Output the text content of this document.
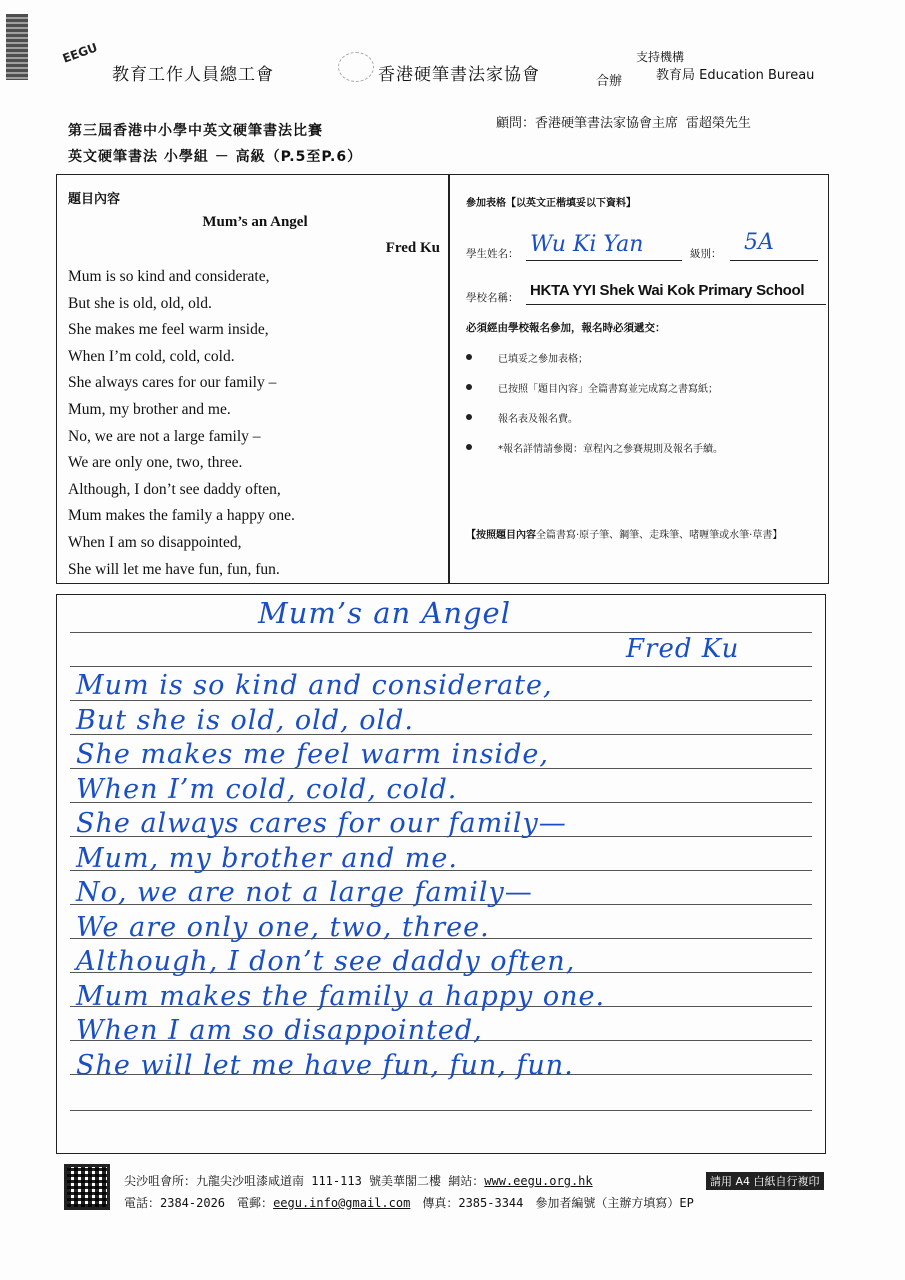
EEGU
教育工作人員總工會	香港硬筆書法家協會
支持機構
合辦	教育局 Education Bureau
第三屆香港中小學中英文硬筆書法比賽
英文硬筆書法 小學組 － 高級（P.5至P.6）
顧問：香港硬筆書法家協會主席 雷超榮先生
題目內容
Mum’s an Angel
Fred Ku
Mum is so kind and considerate,
But she is old, old, old.
She makes me feel warm inside,
When I’m cold, cold, cold.
She always cares for our family –
Mum, my brother and me.
No, we are not a large family –
We are only one, two, three.
Although, I don’t see daddy often,
Mum makes the family a happy one.
When I am so disappointed,
She will let me have fun, fun, fun.
參加表格【以英文正楷填妥以下資料】
學生姓名： Wu Ki Yan	級別： 5A
學校名稱： HKTA YYI Shek Wai Kok Primary School
必須經由學校報名參加，報名時必須遞交：
已填妥之參加表格；
已按照「題目內容」全篇書寫並完成寫之書寫紙；
報名表及報名費。
*報名詳情請參閱：章程內之參賽規則及報名手續。
【按照題目內容全篇書寫‧原子筆、鋼筆、走珠筆、啫喱筆或水筆‧草書】
Mum’s an Angel
Fred Ku
Mum is so kind and considerate,
But she is old, old, old.
She makes me feel warm inside,
When I’m cold, cold, cold.
She always cares for our family—
Mum, my brother and me.
No, we are not a large family—
We are only one, two, three.
Although, I don’t see daddy often,
Mum makes the family a happy one.
When I am so disappointed,
She will let me have fun, fun, fun.
尖沙咀會所：九龍尖沙咀漆咸道南 111-113 號美華閣二樓 網站：www.eegu.org.hk
電話：2384-2026　 電郵：eegu.info@gmail.com　 傳真：2385-3344　 參加者編號（主辦方填寫）EP
請用 A4 白紙自行複印
